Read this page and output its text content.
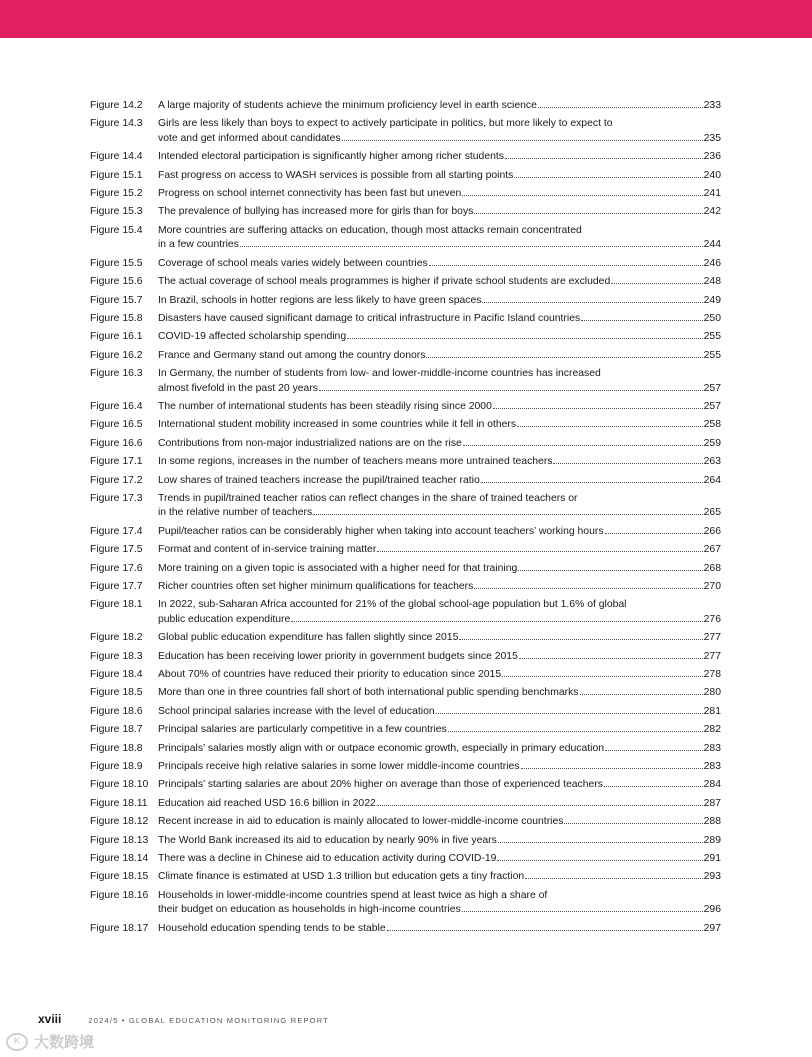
Figure 14.2	A large majority of students achieve the minimum proficiency level in earth science	233
Figure 14.3	Girls are less likely than boys to expect to actively participate in politics, but more likely to expect to
vote and get informed about candidates	235
Figure 14.4	Intended electoral participation is significantly higher among richer students	236
Figure 15.1	Fast progress on access to WASH services is possible from all starting points	240
Figure 15.2	Progress on school internet connectivity has been fast but uneven	241
Figure 15.3	The prevalence of bullying has increased more for girls than for boys	242
Figure 15.4	More countries are suffering attacks on education, though most attacks remain concentrated
in a few countries	244
Figure 15.5	Coverage of school meals varies widely between countries	246
Figure 15.6	The actual coverage of school meals programmes is higher if private school students are excluded	248
Figure 15.7	In Brazil, schools in hotter regions are less likely to have green spaces	249
Figure 15.8	Disasters have caused significant damage to critical infrastructure in Pacific Island countries	250
Figure 16.1	COVID-19 affected scholarship spending	255
Figure 16.2	France and Germany stand out among the country donors	255
Figure 16.3	In Germany, the number of students from low- and lower-middle-income countries has increased
almost fivefold in the past 20 years	257
Figure 16.4	The number of international students has been steadily rising since 2000	257
Figure 16.5	International student mobility increased in some countries while it fell in others	258
Figure 16.6	Contributions from non-major industrialized nations are on the rise	259
Figure 17.1	In some regions, increases in the number of teachers means more untrained teachers	263
Figure 17.2	Low shares of trained teachers increase the pupil/trained teacher ratio	264
Figure 17.3	Trends in pupil/trained teacher ratios can reflect changes in the share of trained teachers or
in the relative number of teachers	265
Figure 17.4	Pupil/teacher ratios can be considerably higher when taking into account teachers’ working hours	266
Figure 17.5	Format and content of in-service training matter	267
Figure 17.6	More training on a given topic is associated with a higher need for that training	268
Figure 17.7	Richer countries often set higher minimum qualifications for teachers	270
Figure 18.1	In 2022, sub-Saharan Africa accounted for 21% of the global school-age population but 1.6% of global
public education expenditure	276
Figure 18.2	Global public education expenditure has fallen slightly since 2015	277
Figure 18.3	Education has been receiving lower priority in government budgets since 2015	277
Figure 18.4	About 70% of countries have reduced their priority to education since 2015	278
Figure 18.5	More than one in three countries fall short of both international public spending benchmarks	280
Figure 18.6	School principal salaries increase with the level of education	281
Figure 18.7	Principal salaries are particularly competitive in a few countries	282
Figure 18.8	Principals’ salaries mostly align with or outpace economic growth, especially in primary education	283
Figure 18.9	Principals receive high relative salaries in some lower middle-income countries	283
Figure 18.10 Principals’ starting salaries are about 20% higher on average than those of experienced teachers	284
Figure 18.11	Education aid reached USD 16.6 billion in 2022	287
Figure 18.12 Recent increase in aid to education is mainly allocated to lower-middle-income countries	288
Figure 18.13 The World Bank increased its aid to education by nearly 90% in five years	289
Figure 18.14 There was a decline in Chinese aid to education activity during COVID-19	291
Figure 18.15 Climate finance is estimated at USD 1.3 trillion but education gets a tiny fraction	293
Figure 18.16 Households in lower-middle-income countries spend at least twice as high a share of
their budget on education as households in high-income countries	296
Figure 18.17 Household education spending tends to be stable	297
xviii	2024/5 • GLOBAL EDUCATION MONITORING REPORT
K 大数跨境
